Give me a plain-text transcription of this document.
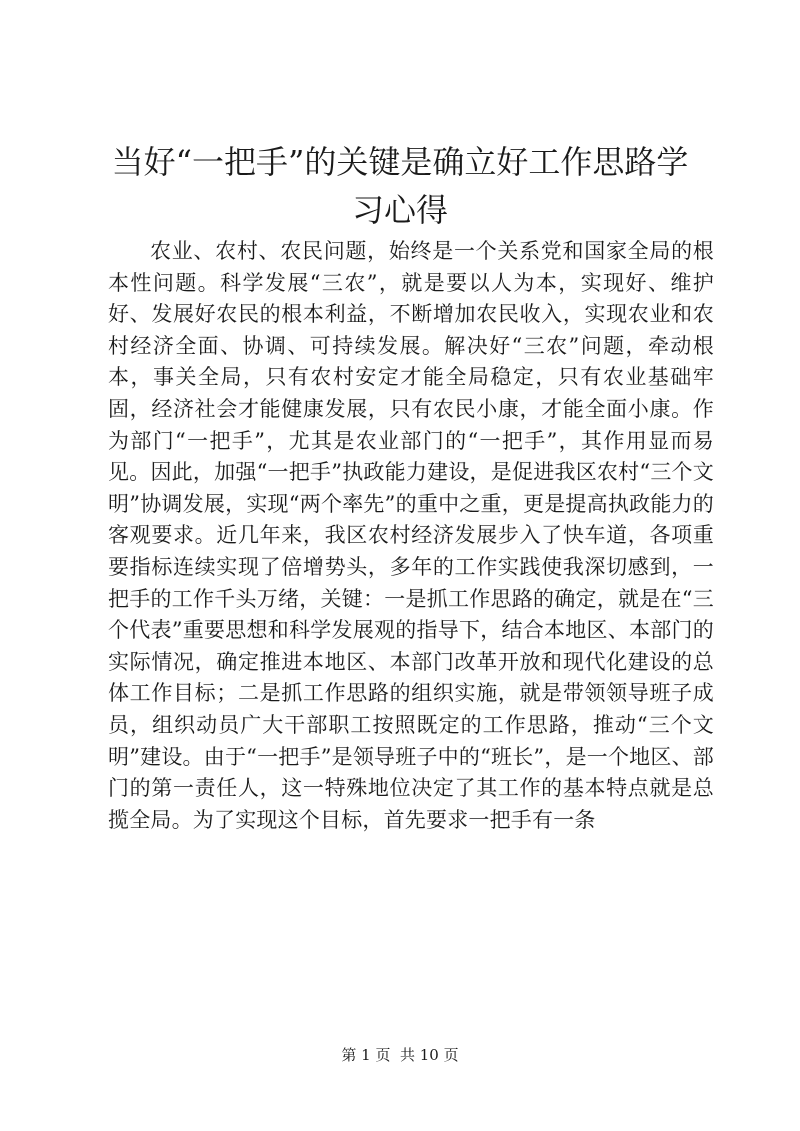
当好“一把手”的关键是确立好工作思路学习心得

农业、农村、农民问题，始终是一个关系党和国家全局的根本性问题。科学发展“三农”，就是要以人为本，实现好、维护好、发展好农民的根本利益，不断增加农民收入，实现农业和农村经济全面、协调、可持续发展。解决好“三农”问题，牵动根本，事关全局，只有农村安定才能全局稳定，只有农业基础牢固，经济社会才能健康发展，只有农民小康，才能全面小康。作为部门“一把手”，尤其是农业部门的“一把手”，其作用显而易见。因此，加强“一把手”执政能力建设，是促进我区农村“三个文明”协调发展，实现“两个率先”的重中之重，更是提高执政能力的客观要求。近几年来，我区农村经济发展步入了快车道，各项重要指标连续实现了倍增势头，多年的工作实践使我深切感到，一把手的工作千头万绪，关键：一是抓工作思路的确定，就是在“三个代表”重要思想和科学发展观的指导下，结合本地区、本部门的实际情况，确定推进本地区、本部门改革开放和现代化建设的总体工作目标；二是抓工作思路的组织实施，就是带领领导班子成员，组织动员广大干部职工按照既定的工作思路，推动“三个文明”建设。由于“一把手”是领导班子中的“班长”，是一个地区、部门的第一责任人，这一特殊地位决定了其工作的基本特点就是总揽全局。为了实现这个目标，首先要求一把手有一条

第 1 页  共 10 页
